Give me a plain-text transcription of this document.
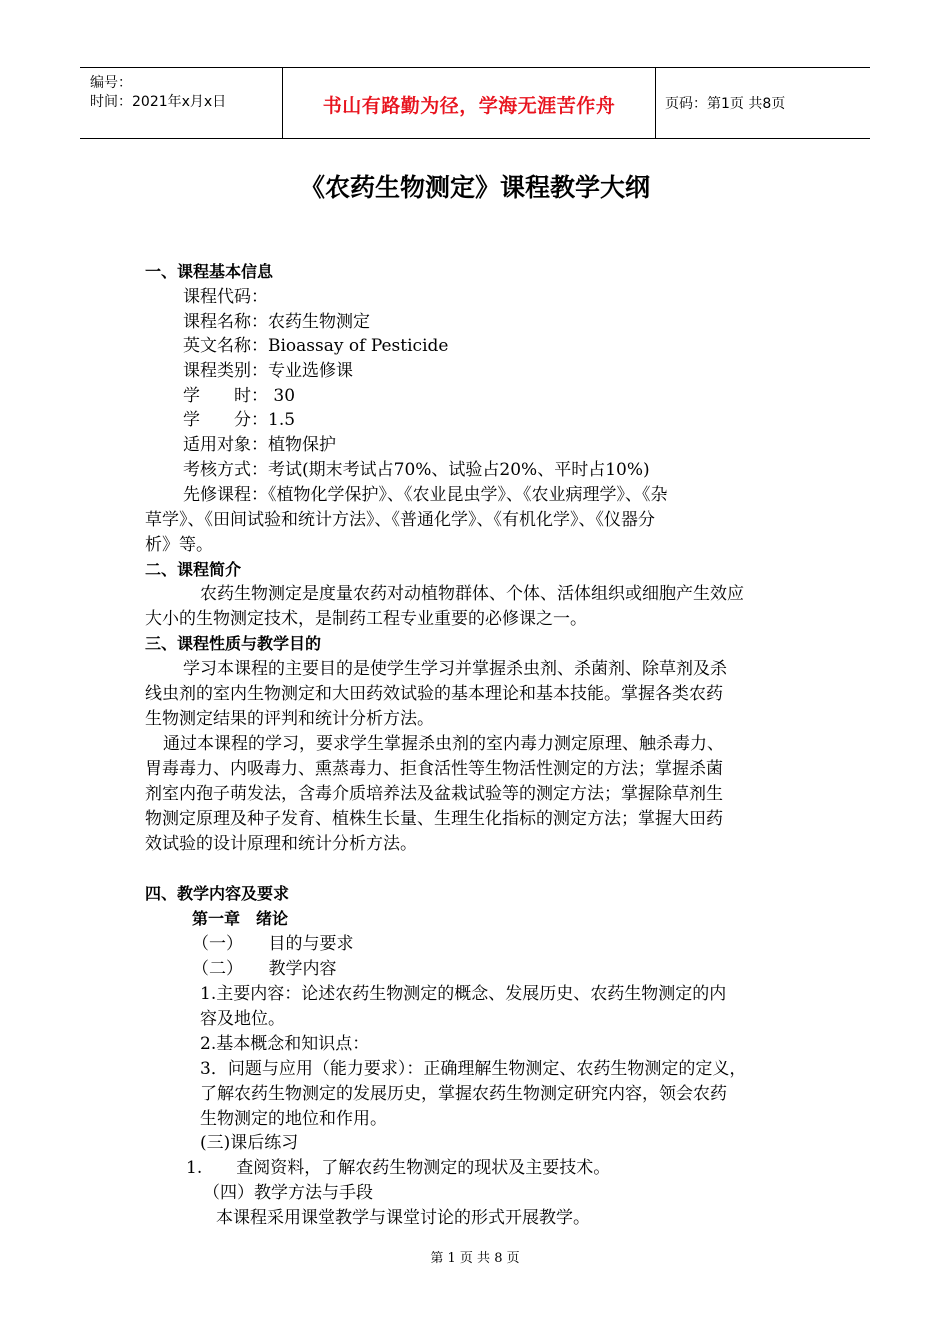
编号：
时间：2021年x月x日	书山有路勤为径，学海无涯苦作舟	页码：第1页 共8页
《农药生物测定》课程教学大纲
一、课程基本信息
课程代码：
课程名称：农药生物测定
英文名称：Bioassay of Pesticide
课程类别：专业选修课
学　　时： 30
学　　分：1.5
适用对象：植物保护
考核方式：考试(期末考试占70%、试验占20%、平时占10%)
先修课程：《植物化学保护》、《农业昆虫学》、《农业病理学》、《杂
草学》、《田间试验和统计方法》、《普通化学》、《有机化学》、《仪器分
析》等。
二、课程简介
农药生物测定是度量农药对动植物群体、个体、活体组织或细胞产生效应
大小的生物测定技术，是制药工程专业重要的必修课之一。
三、课程性质与教学目的
学习本课程的主要目的是使学生学习并掌握杀虫剂、杀菌剂、除草剂及杀
线虫剂的室内生物测定和大田药效试验的基本理论和基本技能。掌握各类农药
生物测定结果的评判和统计分析方法。
通过本课程的学习，要求学生掌握杀虫剂的室内毒力测定原理、触杀毒力、
胃毒毒力、内吸毒力、熏蒸毒力、拒食活性等生物活性测定的方法；掌握杀菌
剂室内孢子萌发法，含毒介质培养法及盆栽试验等的测定方法；掌握除草剂生
物测定原理及种子发育、植株生长量、生理生化指标的测定方法；掌握大田药
效试验的设计原理和统计分析方法。
四、教学内容及要求
第一章　绪论
（一）　　目的与要求
（二）　　教学内容
1.主要内容：论述农药生物测定的概念、发展历史、农药生物测定的内
容及地位。
2.基本概念和知识点：
3．问题与应用（能力要求）：正确理解生物测定、农药生物测定的定义，
了解农药生物测定的发展历史，掌握农药生物测定研究内容，领会农药
生物测定的地位和作用。
(三)课后练习
1.　　查阅资料，了解农药生物测定的现状及主要技术。
（四）教学方法与手段
本课程采用课堂教学与课堂讨论的形式开展教学。
第 1 页 共 8 页
